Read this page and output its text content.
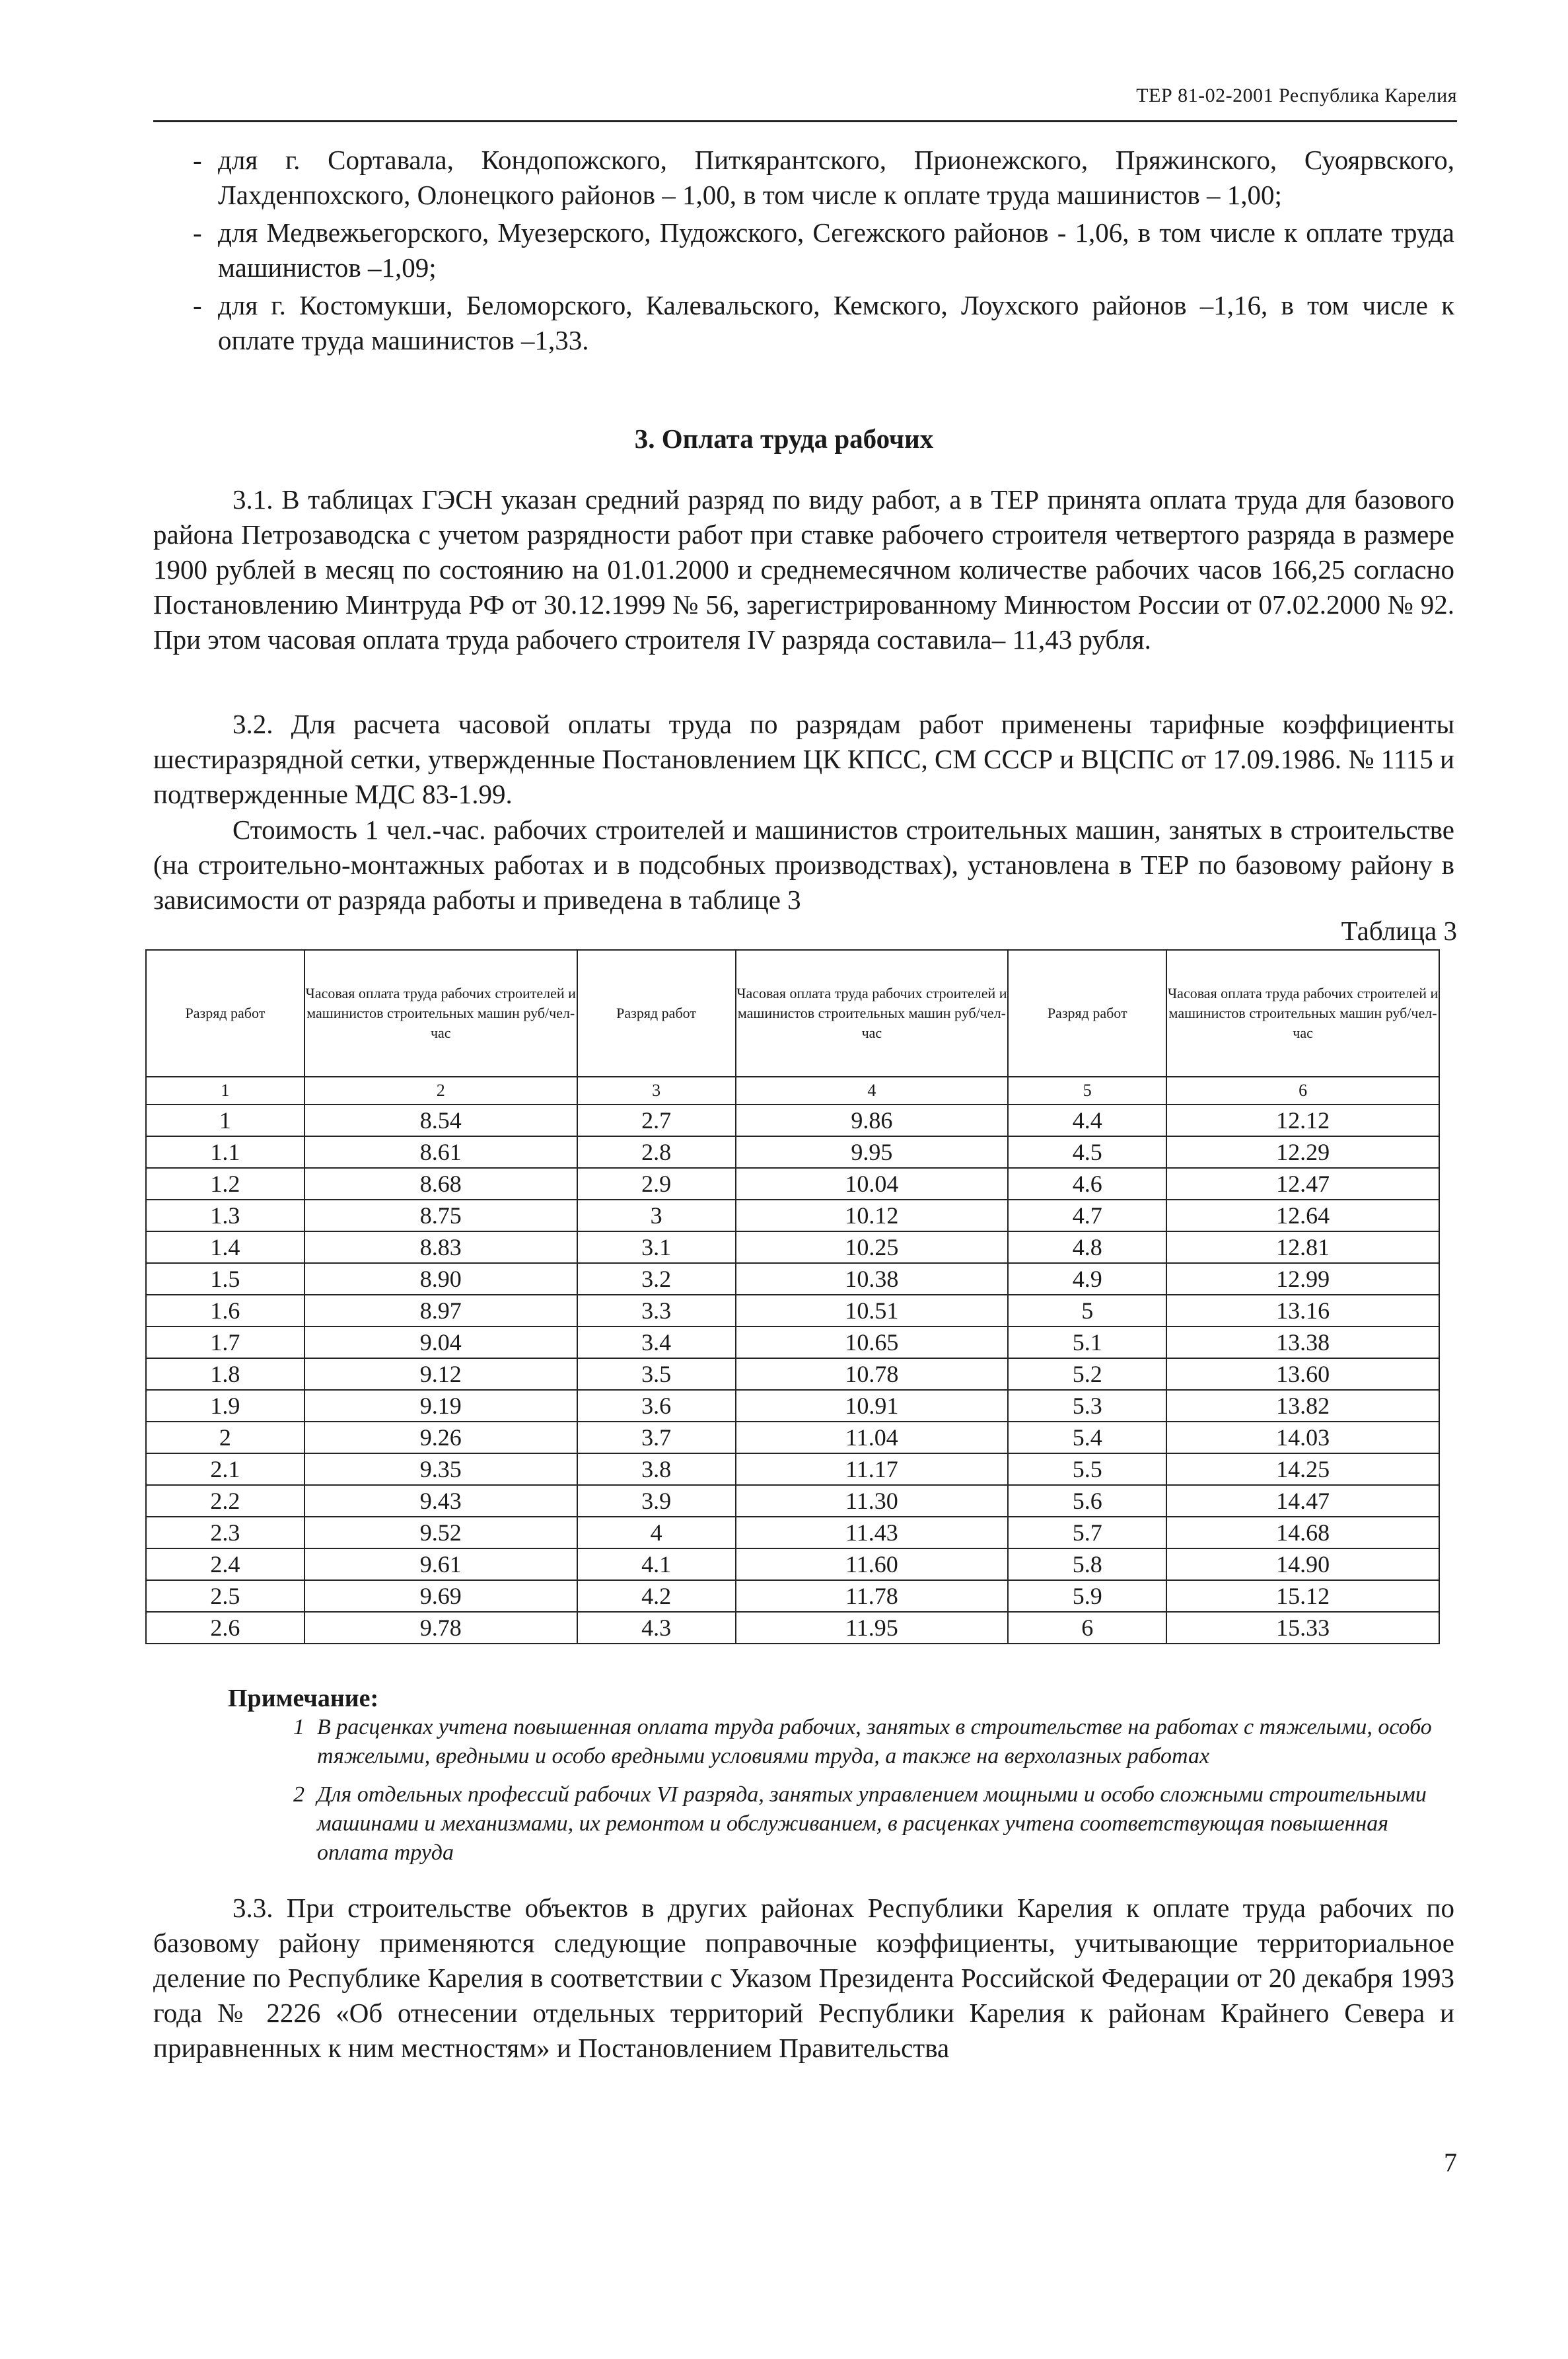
ТЕР 81-02-2001 Республика Карелия
- для г. Сортавала, Кондопожского, Питкярантского, Прионежского, Пряжинского, Суоярвского, Лахденпохского, Олонецкого районов – 1,00, в том числе к оплате труда машинистов – 1,00;
- для Медвежьегорского, Муезерского, Пудожского, Сегежского районов - 1,06, в том числе к оплате труда машинистов –1,09;
- для г. Костомукши, Беломорского, Калевальского, Кемского, Лоухского районов –1,16, в том числе к оплате труда машинистов –1,33.
3. Оплата труда рабочих

3.1. В таблицах ГЭСН указан средний разряд по виду работ, а в ТЕР принята оплата труда для базового района Петрозаводска с учетом разрядности работ при ставке рабочего строителя четвертого разряда в размере 1900 рублей в месяц по состоянию на 01.01.2000 и среднемесячном количестве рабочих часов 166,25 согласно Постановлению Минтруда РФ от 30.12.1999 № 56, зарегистрированному Минюстом России от 07.02.2000 № 92. При этом часовая оплата труда рабочего строителя IV разряда составила– 11,43 рубля.

3.2. Для расчета часовой оплаты труда по разрядам работ применены тарифные коэффициенты шестиразрядной сетки, утвержденные Постановлением ЦК КПСС, СМ СССР и ВЦСПС от 17.09.1986. № 1115 и подтвержденные МДС 83-1.99.

Стоимость 1 чел.-час. рабочих строителей и машинистов строительных машин, занятых в строительстве (на строительно-монтажных работах и в подсобных производствах), установлена в ТЕР по базовому району в зависимости от разряда работы и приведена в таблице 3

Таблица 3
Разряд работ	Часовая оплата труда рабочих строителей и машинистов строительных машин руб/чел-час	Разряд работ	Часовая оплата труда рабочих строителей и машинистов строительных машин руб/чел-час	Разряд работ	Часовая оплата труда рабочих строителей и машинистов строительных машин руб/чел-час
1	2	3	4	5	6
1	8.54	2.7	9.86	4.4	12.12
1.1	8.61	2.8	9.95	4.5	12.29
1.2	8.68	2.9	10.04	4.6	12.47
1.3	8.75	3	10.12	4.7	12.64
1.4	8.83	3.1	10.25	4.8	12.81
1.5	8.90	3.2	10.38	4.9	12.99
1.6	8.97	3.3	10.51	5	13.16
1.7	9.04	3.4	10.65	5.1	13.38
1.8	9.12	3.5	10.78	5.2	13.60
1.9	9.19	3.6	10.91	5.3	13.82
2	9.26	3.7	11.04	5.4	14.03
2.1	9.35	3.8	11.17	5.5	14.25
2.2	9.43	3.9	11.30	5.6	14.47
2.3	9.52	4	11.43	5.7	14.68
2.4	9.61	4.1	11.60	5.8	14.90
2.5	9.69	4.2	11.78	5.9	15.12
2.6	9.78	4.3	11.95	6	15.33
Примечание:
1 В расценках учтена повышенная оплата труда рабочих, занятых в строительстве на работах с тяжелыми, особо тяжелыми, вредными и особо вредными условиями труда, а также на верхолазных работах
2 Для отдельных профессий рабочих VI разряда, занятых управлением мощными и особо сложными строительными машинами и механизмами, их ремонтом и обслуживанием, в расценках учтена соответствующая повышенная оплата труда

3.3. При строительстве объектов в других районах Республики Карелия к оплате труда рабочих по базовому району применяются следующие поправочные коэффициенты, учитывающие территориальное деление по Республике Карелия в соответствии с Указом Президента Российской Федерации от 20 декабря 1993 года № 2226 «Об отнесении отдельных территорий Республики Карелия к районам Крайнего Севера и приравненных к ним местностям» и Постановлением Правительства

7
